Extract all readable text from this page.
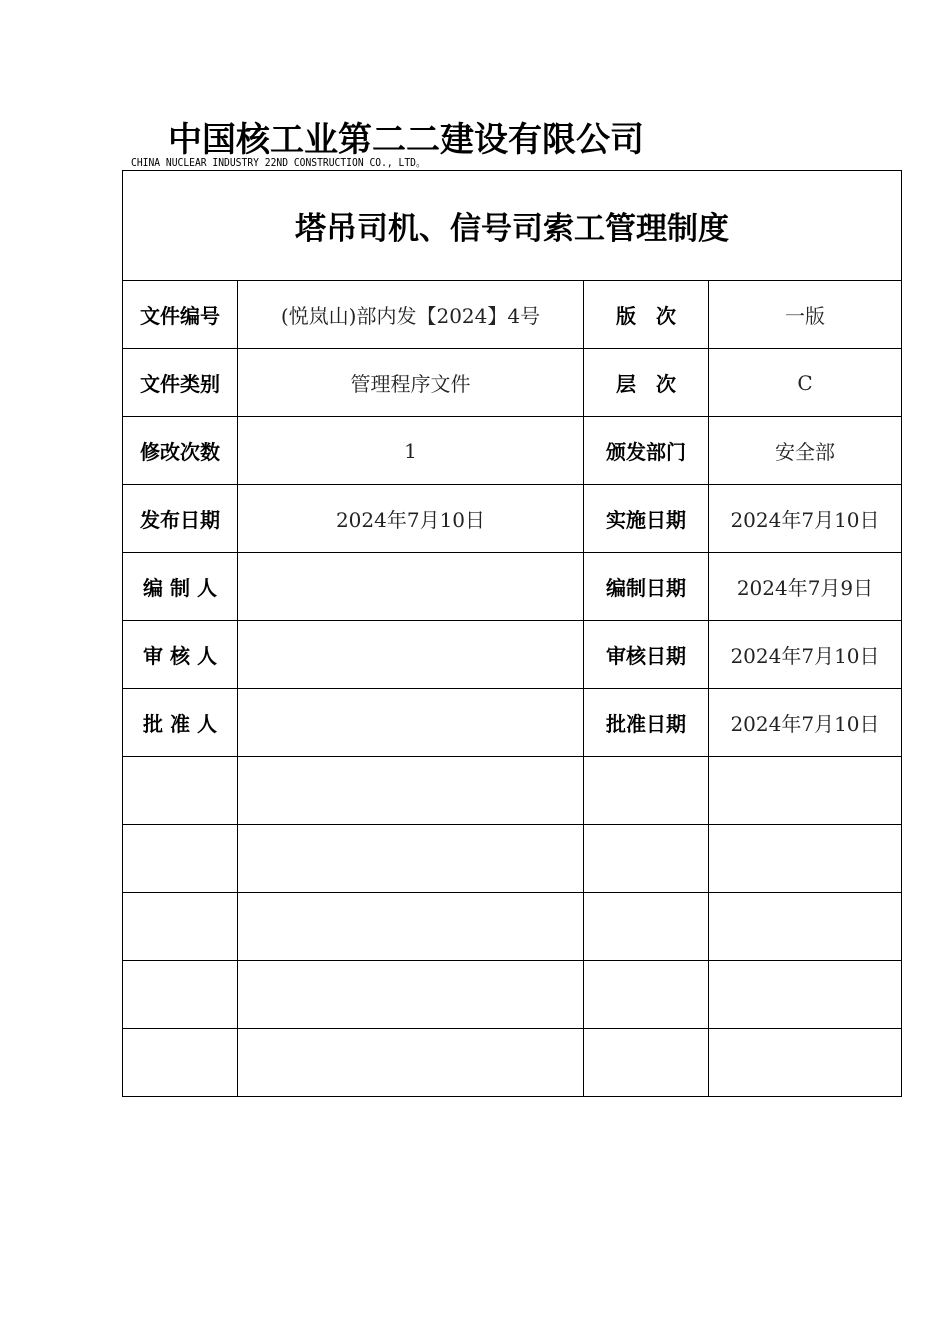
中国核工业第二二建设有限公司
CHINA NUCLEAR INDUSTRY 22ND CONSTRUCTION CO., LTD。
塔吊司机、信号司索工管理制度			
文件编号	(悦岚山)部内发【2024】4号	版　次	一版
文件类别	管理程序文件	层　次	C
修改次数	1	颁发部门	安全部
发布日期	2024年7月10日	实施日期	2024年7月10日
编 制 人		编制日期	2024年7月9日
审 核 人		审核日期	2024年7月10日
批 准 人		批准日期	2024年7月10日
